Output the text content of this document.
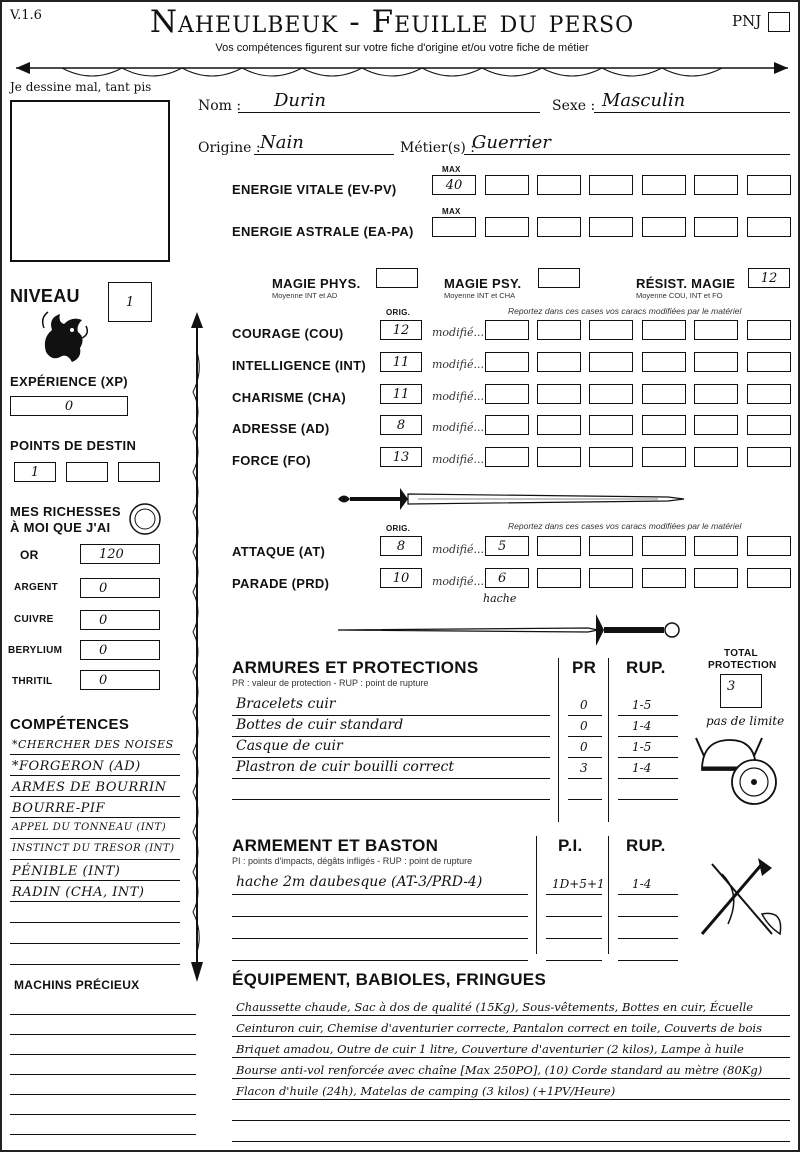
V.1.6	Naheulbeuk - Feuille du perso	PNJ
Vos compétences figurent sur votre fiche d'origine et/ou votre fiche de métier
Je dessine mal, tant pis
Nom : Durin	Sexe : Masculin
Origine : Nain	Métier(s) :
Guerrier
MAX
ENERGIE VITALE (EV-PV)	40
MAX
ENERGIE ASTRALE (EA-PA)
MAGIE PHYS.
Moyenne INT et AD
MAGIE PSY.
Moyenne INT et CHA
RÉSIST. MAGIE
Moyenne COU, INT et FO
12
NIVEAU	1
EXPÉRIENCE (XP)
0
POINTS DE DESTIN
1
MES RICHESSES
À MOI QUE J'AI
OR	120
ARGENT	0
CUIVRE	0
BERYLIUM	0
THRITIL	0
ORIG.	Reportez dans ces cases vos caracs modifiées par le matériel
COURAGE (COU)	12	modifié...
INTELLIGENCE (INT)	11	modifié...
CHARISME (CHA)	11	modifié...
ADRESSE (AD)	8	modifié...
FORCE (FO)	13	modifié...
ORIG.	Reportez dans ces cases vos caracs modifiées par le matériel
ATTAQUE (AT)	8	modifié...	5
PARADE (PRD)	10	modifié...	6
hache
ARMURES ET PROTECTIONS
PR : valeur de protection - RUP : point de rupture
PR RUP.
TOTAL
PROTECTION
3
pas de limite
ARMEMENT ET BASTON
PI : points d'impacts, dégâts infligés - RUP : point de rupture
P.I.	RUP.
COMPÉTENCES
MACHINS PRÉCIEUX	ÉQUIPEMENT, BABIOLES, FRINGUES
Bracelets cuir	0	1-5
Bottes de cuir standard	0	1-4
Casque de cuir	0	1-5
Plastron de cuir bouilli correct	3	1-4
hache 2m daubesque (AT-3/PRD-4)	1D+5+1 1-4
*CHERCHER DES NOISES
*FORGERON (AD)
ARMES DE BOURRIN
BOURRE-PIF
APPEL DU TONNEAU (INT)
INSTINCT DU TRESOR (INT)
PÉNIBLE (INT)
RADIN (CHA, INT)
Chaussette chaude, Sac à dos de qualité (15Kg), Sous-vêtements, Bottes en cuir, Écuelle
Ceinturon cuir, Chemise d'aventurier correcte, Pantalon correct en toile, Couverts de bois
Briquet amadou, Outre de cuir 1 litre, Couverture d'aventurier (2 kilos), Lampe à huile
Bourse anti-vol renforcée avec chaîne [Max 250PO], (10) Corde standard au mètre (80Kg)
Flacon d'huile (24h), Matelas de camping (3 kilos) (+1PV/Heure)
